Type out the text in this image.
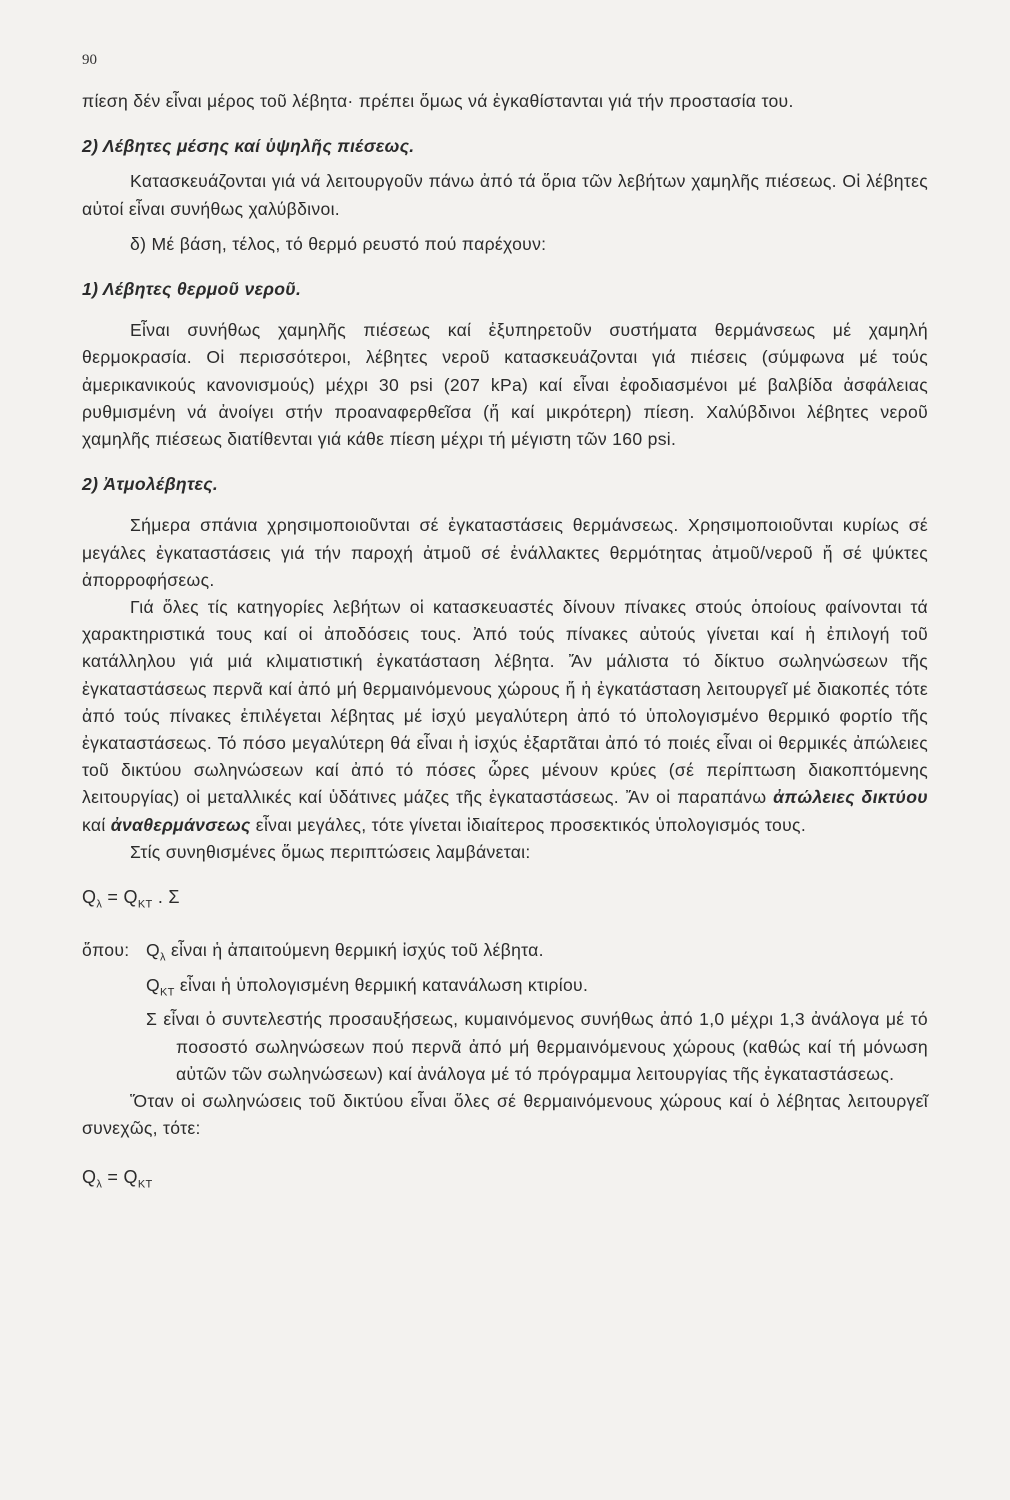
90

πίεση δέν εἶναι μέρος τοῦ λέβητα· πρέπει ὅμως νά ἐγκαθίστανται γιά τήν προστασία του.

2) Λέβητες μέσης καί ὑψηλῆς πιέσεως.

Κατασκευάζονται γιά νά λειτουργοῦν πάνω ἀπό τά ὅρια τῶν λεβήτων χαμηλῆς πιέσεως. Οἱ λέβητες αὐτοί εἶναι συνήθως χαλύβδινοι.

δ) Μέ βάση, τέλος, τό θερμό ρευστό πού παρέχουν:

1) Λέβητες θερμοῦ νεροῦ.

Εἶναι συνήθως χαμηλῆς πιέσεως καί ἐξυπηρετοῦν συστήματα θερμάνσεως μέ χαμηλή θερμοκρασία. Οἱ περισσότεροι, λέβητες νεροῦ κατασκευάζονται γιά πιέσεις (σύμφωνα μέ τούς ἀμερικανικούς κανονισμούς) μέχρι 30 psi (207 kPa) καί εἶναι ἐφοδιασμένοι μέ βαλβίδα ἀσφάλειας ρυθμισμένη νά ἀνοίγει στήν προαναφερθεῖσα (ἤ καί μικρότερη) πίεση. Χαλύβδινοι λέβητες νεροῦ χαμηλῆς πιέσεως διατίθενται γιά κάθε πίεση μέχρι τή μέγιστη τῶν 160 psi.

2) Ἀτμολέβητες.

Σήμερα σπάνια χρησιμοποιοῦνται σέ ἐγκαταστάσεις θερμάνσεως. Χρησιμοποιοῦνται κυρίως σέ μεγάλες ἐγκαταστάσεις γιά τήν παροχή ἀτμοῦ σέ ἐνάλλακτες θερμότητας ἀτμοῦ/νεροῦ ἤ σέ ψύκτες ἀπορροφήσεως.

Γιά ὅλες τίς κατηγορίες λεβήτων οἱ κατασκευαστές δίνουν πίνακες στούς ὁποίους φαίνονται τά χαρακτηριστικά τους καί οἱ ἀποδόσεις τους. Ἀπό τούς πίνακες αὐτούς γίνεται καί ἡ ἐπιλογή τοῦ κατάλληλου γιά μιά κλιματιστική ἐγκατάσταση λέβητα. Ἄν μάλιστα τό δίκτυο σωληνώσεων τῆς ἐγκαταστάσεως περνᾶ καί ἀπό μή θερμαινόμενους χώρους ἤ ἡ ἐγκατάσταση λειτουργεῖ μέ διακοπές τότε ἀπό τούς πίνακες ἐπιλέγεται λέβητας μέ ἰσχύ μεγαλύτερη ἀπό τό ὑπολογισμένο θερμικό φορτίο τῆς ἐγκαταστάσεως. Τό πόσο μεγαλύτερη θά εἶναι ἡ ἰσχύς ἐξαρτᾶται ἀπό τό ποιές εἶναι οἱ θερμικές ἀπώλειες τοῦ δικτύου σωληνώσεων καί ἀπό τό πόσες ὧρες μένουν κρύες (σέ περίπτωση διακοπτόμενης λειτουργίας) οἱ μεταλλικές καί ὑδάτινες μάζες τῆς ἐγκαταστάσεως. Ἄν οἱ παραπάνω ἀπώλειες δικτύου καί ἀναθερμάνσεως εἶναι μεγάλες, τότε γίνεται ἰδιαίτερος προσεκτικός ὑπολογισμός τους.

Στίς συνηθισμένες ὅμως περιπτώσεις λαμβάνεται:

$Q_\lambda = Q_{KT}$ . Σ

ὅπου: $Q_\lambda$ εἶναι ἡ ἀπαιτούμενη θερμική ἰσχύς τοῦ λέβητα.
$Q_{KT}$ εἶναι ἡ ὑπολογισμένη θερμική κατανάλωση κτιρίου.
Σ εἶναι ὁ συντελεστής προσαυξήσεως, κυμαινόμενος συνήθως ἀπό 1,0 μέχρι 1,3 ἀνάλογα μέ τό ποσοστό σωληνώσεων πού περνᾶ ἀπό μή θερμαινόμενους χώρους (καθώς καί τή μόνωση αὐτῶν τῶν σωληνώσεων) καί ἀνάλογα μέ τό πρόγραμμα λειτουργίας τῆς ἐγκαταστάσεως.

Ὅταν οἱ σωληνώσεις τοῦ δικτύου εἶναι ὅλες σέ θερμαινόμενους χώρους καί ὁ λέβητας λειτουργεῖ συνεχῶς, τότε:

$Q_\lambda = Q_{KT}$
